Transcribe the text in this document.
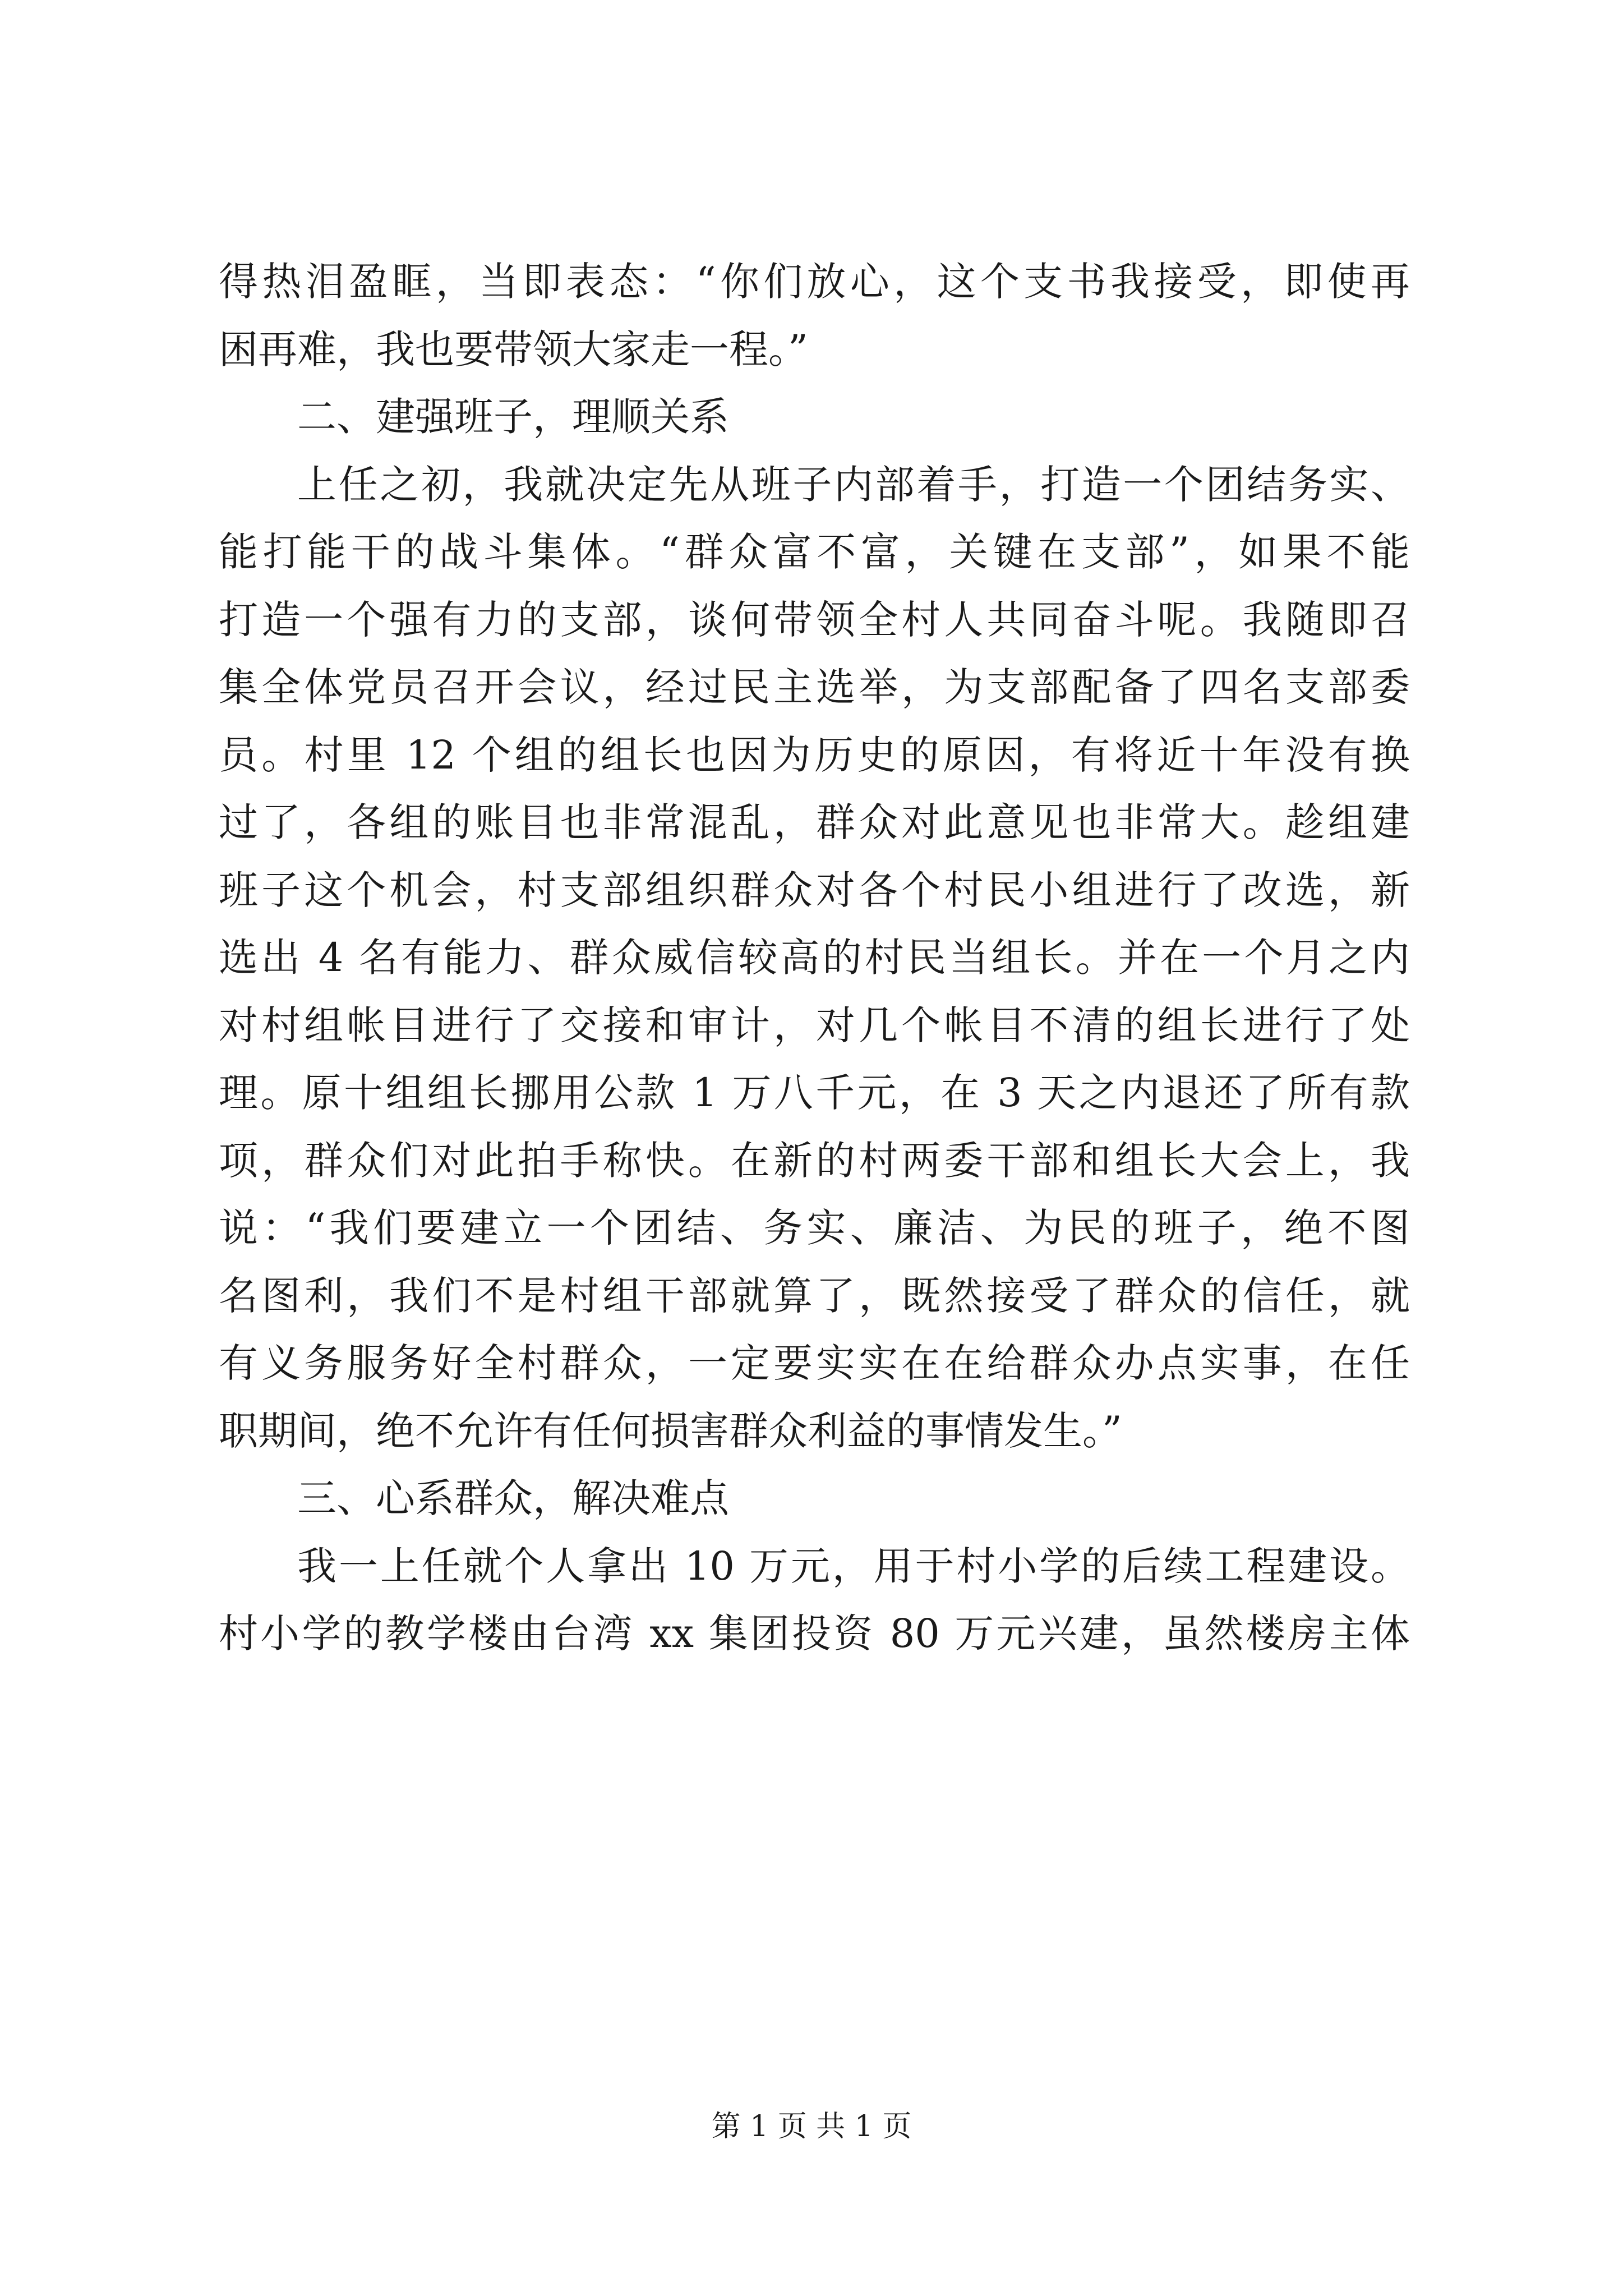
得热泪盈眶，当即表态：“你们放心，这个支书我接受，即使再
困再难，我也要带领大家走一程。”
二、建强班子，理顺关系
上任之初，我就决定先从班子内部着手，打造一个团结务实、
能打能干的战斗集体。“群众富不富，关键在支部”，如果不能
打造一个强有力的支部，谈何带领全村人共同奋斗呢。我随即召
集全体党员召开会议，经过民主选举，为支部配备了四名支部委
员。村里 12 个组的组长也因为历史的原因，有将近十年没有换
过了，各组的账目也非常混乱，群众对此意见也非常大。趁组建
班子这个机会，村支部组织群众对各个村民小组进行了改选，新
选出 4 名有能力、群众威信较高的村民当组长。并在一个月之内
对村组帐目进行了交接和审计，对几个帐目不清的组长进行了处
理。原十组组长挪用公款 1 万八千元，在 3 天之内退还了所有款
项，群众们对此拍手称快。在新的村两委干部和组长大会上，我
说：“我们要建立一个团结、务实、廉洁、为民的班子，绝不图
名图利，我们不是村组干部就算了，既然接受了群众的信任，就
有义务服务好全村群众，一定要实实在在给群众办点实事，在任
职期间，绝不允许有任何损害群众利益的事情发生。”
三、心系群众，解决难点
我一上任就个人拿出 10 万元，用于村小学的后续工程建设。
村小学的教学楼由台湾 xx 集团投资 80 万元兴建，虽然楼房主体
第 1 页 共 1 页
